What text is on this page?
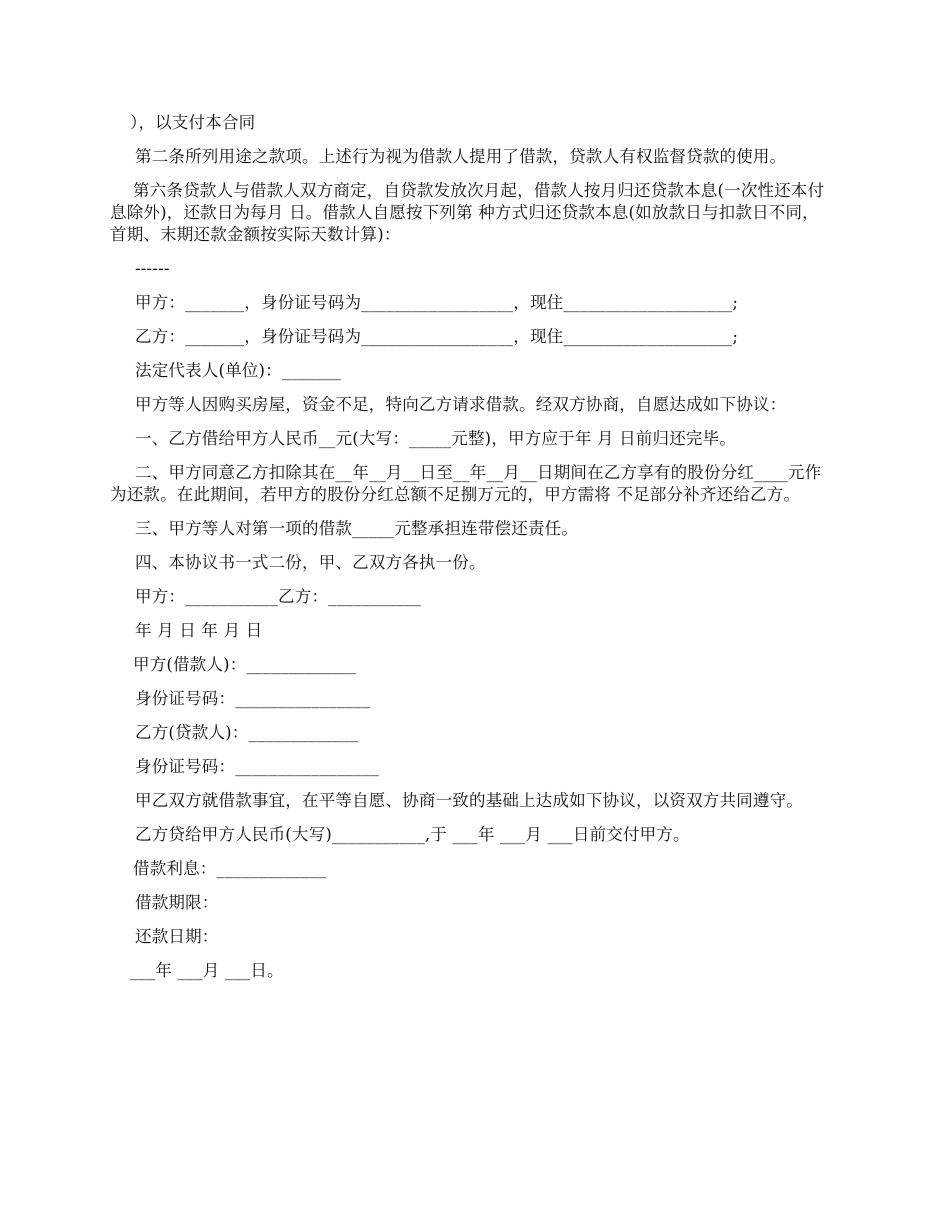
），以支付本合同

第二条所列用途之款项。上述行为视为借款人提用了借款，贷款人有权监督贷款的使用。

第六条贷款人与借款人双方商定，自贷款发放次月起，借款人按月归还贷款本息(一次性还本付息除外)，还款日为每月 日。借款人自愿按下列第 种方式归还贷款本息(如放款日与扣款日不同，首期、末期还款金额按实际天数计算)：

------

甲方：_______，身份证号码为__________________，现住____________________;

乙方：_______，身份证号码为__________________，现住____________________;

法定代表人(单位)：_______

甲方等人因购买房屋，资金不足，特向乙方请求借款。经双方协商，自愿达成如下协议：

一、乙方借给甲方人民币__元(大写：_____元整)，甲方应于年 月 日前归还完毕。

二、甲方同意乙方扣除其在__年__月__日至__年__月__日期间在乙方享有的股份分红____元作为还款。在此期间，若甲方的股份分红总额不足捌万元的，甲方需将 不足部分补齐还给乙方。

三、甲方等人对第一项的借款_____元整承担连带偿还责任。

四、本协议书一式二份，甲、乙双方各执一份。

甲方：___________乙方：___________

年 月 日 年 月 日

甲方(借款人)：_____________

身份证号码：________________

乙方(贷款人)：_____________

身份证号码：_________________

甲乙双方就借款事宜，在平等自愿、协商一致的基础上达成如下协议，以资双方共同遵守。

乙方贷给甲方人民币(大写)___________,于 ___年 ___月 ___日前交付甲方。

借款利息：_____________

借款期限：

还款日期：

___年 ___月 ___日。
